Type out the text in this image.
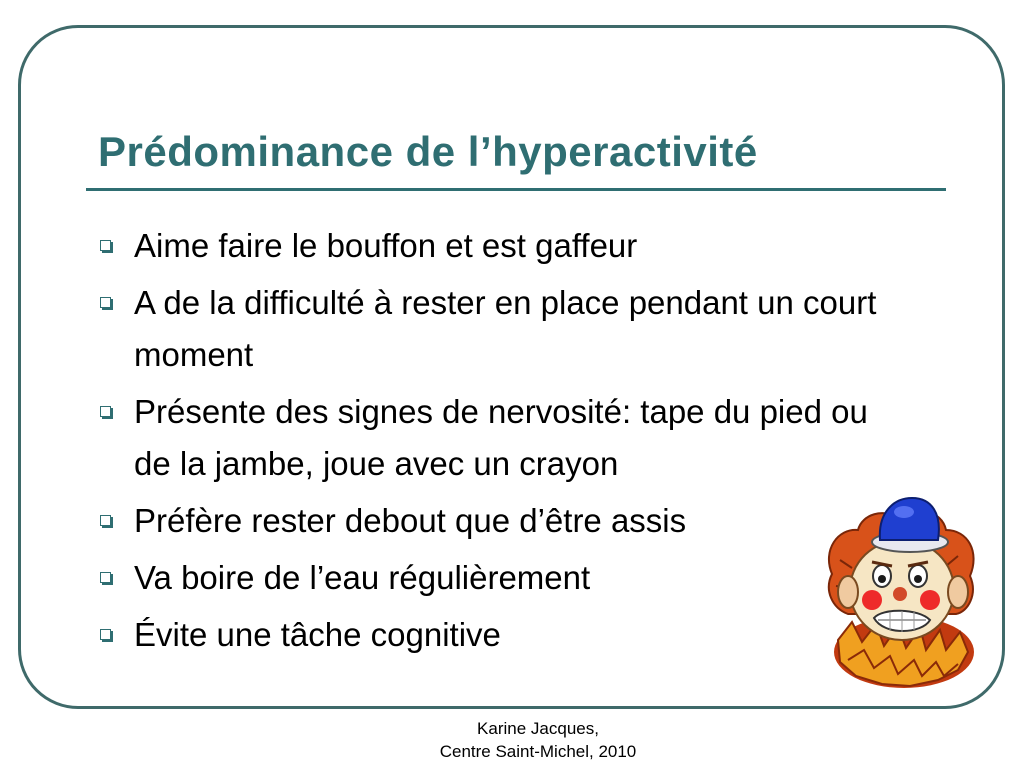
Prédominance de l’hyperactivité
Aime faire le bouffon et est gaffeur
A de la difficulté à rester en place pendant un court moment
Présente des signes de nervosité: tape du pied ou de la jambe, joue avec un crayon
Préfère rester debout que d’être assis
Va boire de l’eau régulièrement
Évite une tâche cognitive
Karine Jacques,
Centre Saint-Michel, 2010
